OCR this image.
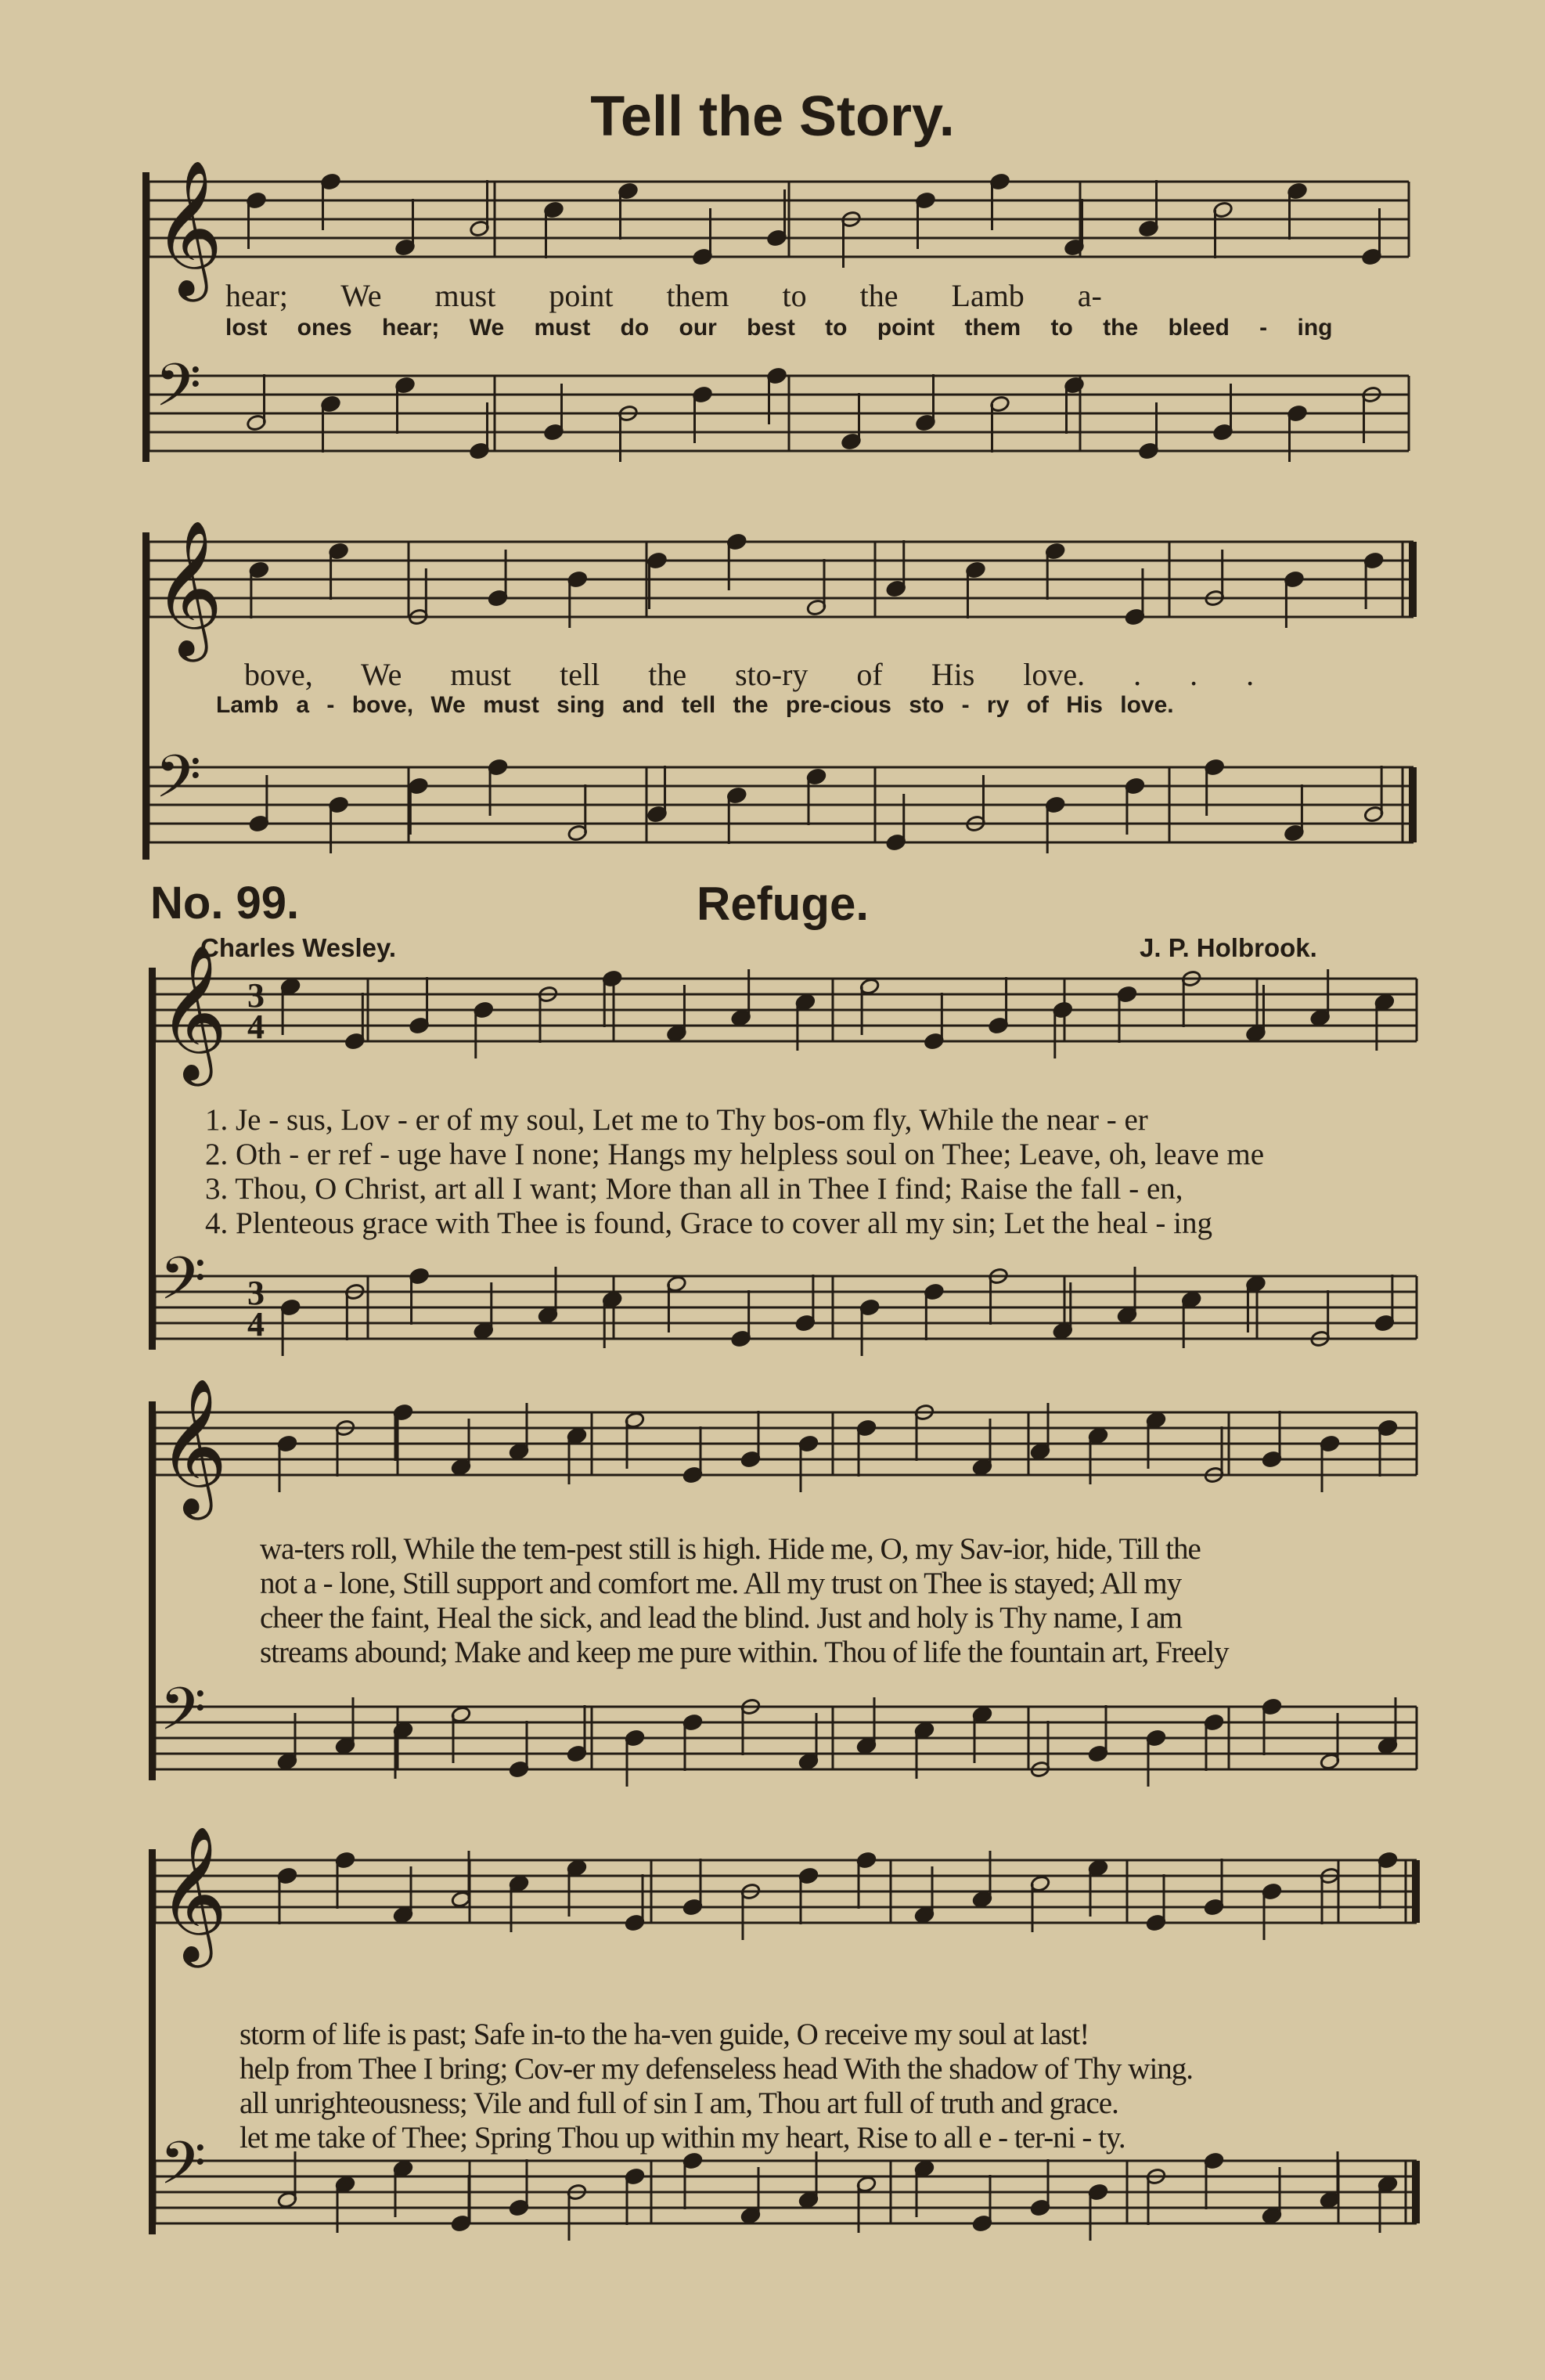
Tell the Story.
𝄞
𝄢
𝄞
𝄢
hear; We must point them to the Lamb a-
lost ones hear; We must do our best to point them to the bleed - ing
bove, We must tell the sto-ry of His love. . . .
Lamb a - bove, We must sing and tell the pre-cious sto - ry of His love.
No. 99.	Refuge.
Charles Wesley.	J. P. Holbrook.
𝄞
𝄢
3
4
3
4
𝄞
𝄢
𝄞
𝄢
1. Je - sus, Lov - er of my soul, Let me to Thy bos-om fly, While the near - er
2. Oth - er ref - uge have I none; Hangs my helpless soul on Thee; Leave, oh, leave me
3. Thou, O Christ, art all I want; More than all in Thee I find; Raise the fall - en,
4. Plenteous grace with Thee is found, Grace to cover all my sin; Let the heal - ing
wa-ters roll, While the tem-pest still is high. Hide me, O, my Sav-ior, hide, Till the
not a - lone, Still support and comfort me. All my trust on Thee is stayed; All my
cheer the faint, Heal the sick, and lead the blind. Just and holy is Thy name, I am
streams abound; Make and keep me pure within. Thou of life the fountain art, Freely
storm of life is past; Safe in-to the ha-ven guide, O receive my soul at last!
help from Thee I bring; Cov-er my defenseless head With the shadow of Thy wing.
all unrighteousness; Vile and full of sin I am, Thou art full of truth and grace.
let me take of Thee; Spring Thou up within my heart, Rise to all e - ter-ni - ty.
